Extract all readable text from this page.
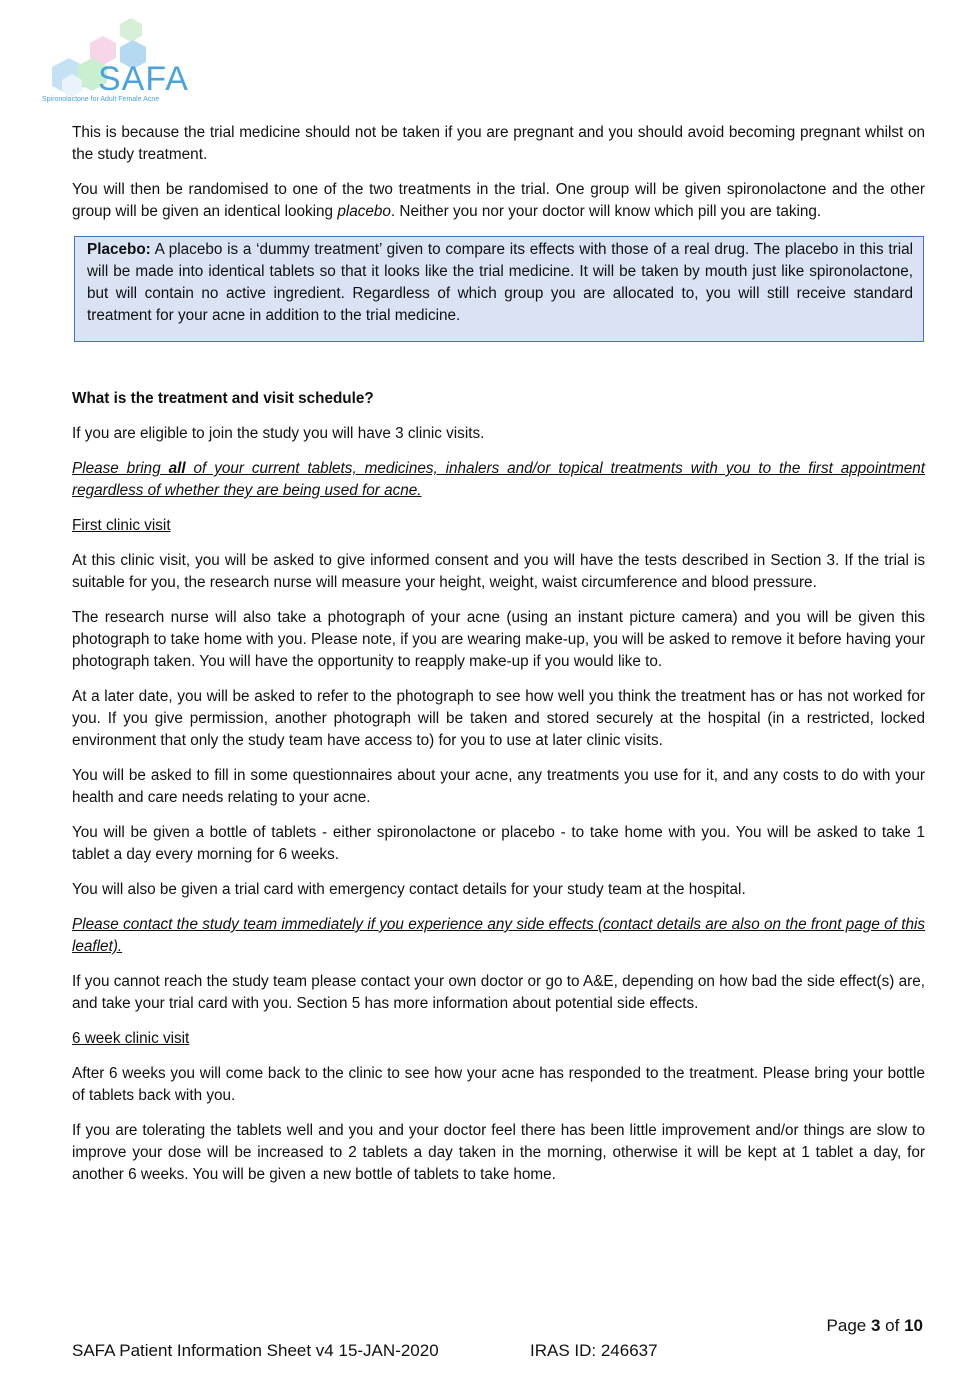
SAFA
Spironolactone for Adult Female Acne

This is because the trial medicine should not be taken if you are pregnant and you should avoid becoming pregnant whilst on the study treatment.

You will then be randomised to one of the two treatments in the trial. One group will be given spironolactone and the other group will be given an identical looking placebo. Neither you nor your doctor will know which pill you are taking.

Placebo: A placebo is a ‘dummy treatment’ given to compare its effects with those of a real drug. The placebo in this trial will be made into identical tablets so that it looks like the trial medicine. It will be taken by mouth just like spironolactone, but will contain no active ingredient. Regardless of which group you are allocated to, you will still receive standard treatment for your acne in addition to the trial medicine.

What is the treatment and visit schedule?

If you are eligible to join the study you will have 3 clinic visits.

Please bring all of your current tablets, medicines, inhalers and/or topical treatments with you to the first appointment regardless of whether they are being used for acne.

First clinic visit

At this clinic visit, you will be asked to give informed consent and you will have the tests described in Section 3. If the trial is suitable for you, the research nurse will measure your height, weight, waist circumference and blood pressure.

The research nurse will also take a photograph of your acne (using an instant picture camera) and you will be given this photograph to take home with you. Please note, if you are wearing make-up, you will be asked to remove it before having your photograph taken. You will have the opportunity to reapply make-up if you would like to.

At a later date, you will be asked to refer to the photograph to see how well you think the treatment has or has not worked for you. If you give permission, another photograph will be taken and stored securely at the hospital (in a restricted, locked environment that only the study team have access to) for you to use at later clinic visits.

You will be asked to fill in some questionnaires about your acne, any treatments you use for it, and any costs to do with your health and care needs relating to your acne.

You will be given a bottle of tablets - either spironolactone or placebo - to take home with you. You will be asked to take 1 tablet a day every morning for 6 weeks.

You will also be given a trial card with emergency contact details for your study team at the hospital.

Please contact the study team immediately if you experience any side effects (contact details are also on the front page of this leaflet).

If you cannot reach the study team please contact your own doctor or go to A&E, depending on how bad the side effect(s) are, and take your trial card with you. Section 5 has more information about potential side effects.

6 week clinic visit

After 6 weeks you will come back to the clinic to see how your acne has responded to the treatment. Please bring your bottle of tablets back with you.

If you are tolerating the tablets well and you and your doctor feel there has been little improvement and/or things are slow to improve your dose will be increased to 2 tablets a day taken in the morning, otherwise it will be kept at 1 tablet a day, for another 6 weeks. You will be given a new bottle of tablets to take home.

Page 3 of 10
SAFA Patient Information Sheet v4 15-JAN-2020	IRAS ID: 246637
